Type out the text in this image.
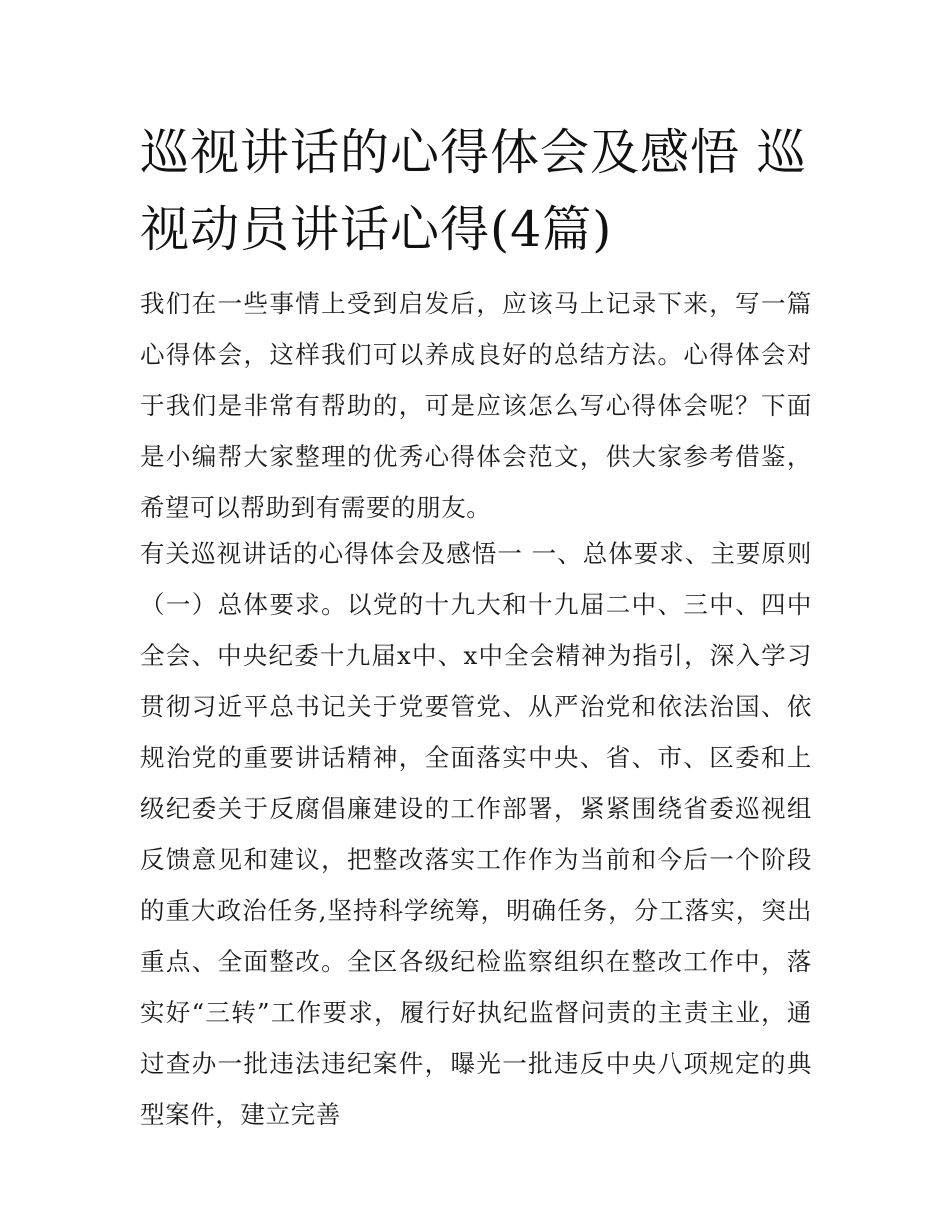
巡视讲话的心得体会及感悟 巡视动员讲话心得(4篇)

我们在一些事情上受到启发后，应该马上记录下来，写一篇心得体会，这样我们可以养成良好的总结方法。心得体会对于我们是非常有帮助的，可是应该怎么写心得体会呢？下面是小编帮大家整理的优秀心得体会范文，供大家参考借鉴，希望可以帮助到有需要的朋友。

有关巡视讲话的心得体会及感悟一 一、总体要求、主要原则（一）总体要求。以党的十九大和十九届二中、三中、四中全会、中央纪委十九届x中、x中全会精神为指引，深入学习贯彻习近平总书记关于党要管党、从严治党和依法治国、依规治党的重要讲话精神，全面落实中央、省、市、区委和上级纪委关于反腐倡廉建设的工作部署，紧紧围绕省委巡视组反馈意见和建议，把整改落实工作作为当前和今后一个阶段的重大政治任务,坚持科学统筹，明确任务，分工落实，突出重点、全面整改。全区各级纪检监察组织在整改工作中，落实好“三转”工作要求，履行好执纪监督问责的主责主业，通过查办一批违法违纪案件，曝光一批违反中央八项规定的典型案件，建立完善
